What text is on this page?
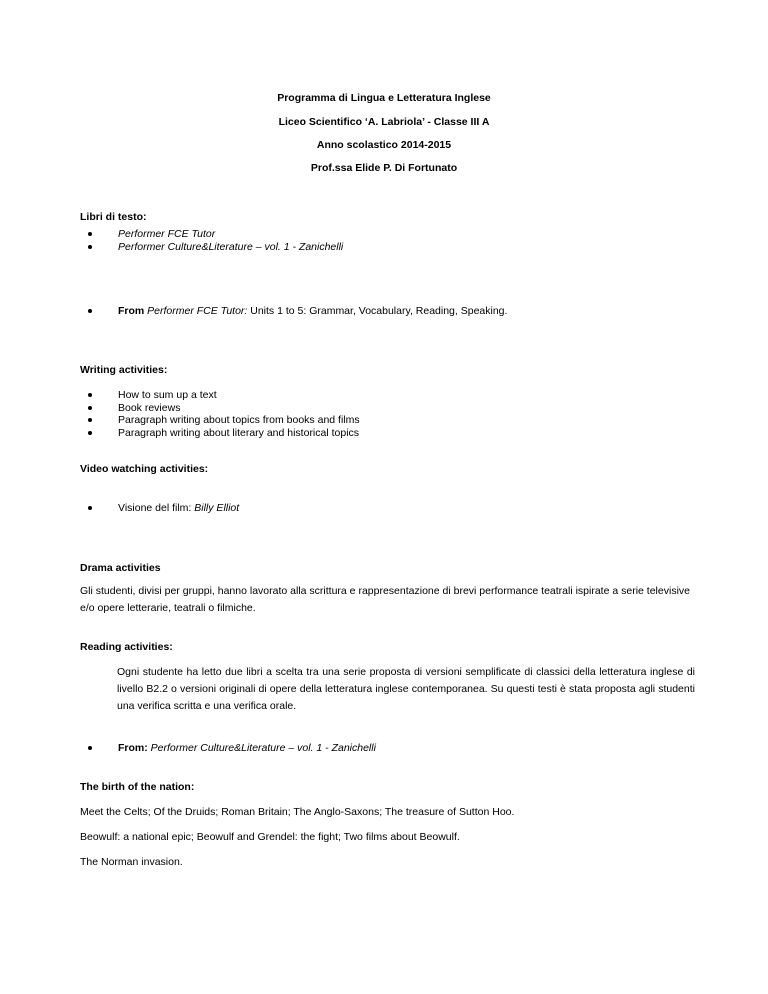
Programma di Lingua e Letteratura Inglese
Liceo Scientifico ‘A. Labriola’ - Classe III A
Anno scolastico 2014-2015
Prof.ssa Elide P. Di Fortunato
Libri di testo:
Performer FCE Tutor
Performer Culture&Literature – vol. 1 - Zanichelli
From Performer FCE Tutor: Units 1 to 5: Grammar, Vocabulary, Reading, Speaking.
Writing activities:
How to sum up a text
Book reviews
Paragraph writing about topics from books and films
Paragraph writing about literary and historical topics
Video watching activities:
Visione del film: Billy Elliot
Drama activities
Gli studenti, divisi per gruppi, hanno lavorato alla scrittura e rappresentazione di brevi performance teatrali ispirate a serie televisive e/o opere letterarie, teatrali o filmiche.
Reading activities:
Ogni studente ha letto due libri a scelta tra una serie proposta di versioni semplificate di classici della letteratura inglese di livello B2.2 o versioni originali di opere della letteratura inglese contemporanea. Su questi testi è stata proposta agli studenti una verifica scritta e una verifica orale.
From: Performer Culture&Literature – vol. 1 - Zanichelli
The birth of the nation:
Meet the Celts; Of the Druids; Roman Britain; The Anglo-Saxons; The treasure of Sutton Hoo.
Beowulf: a national epic; Beowulf and Grendel: the fight; Two films about Beowulf.
The Norman invasion.
